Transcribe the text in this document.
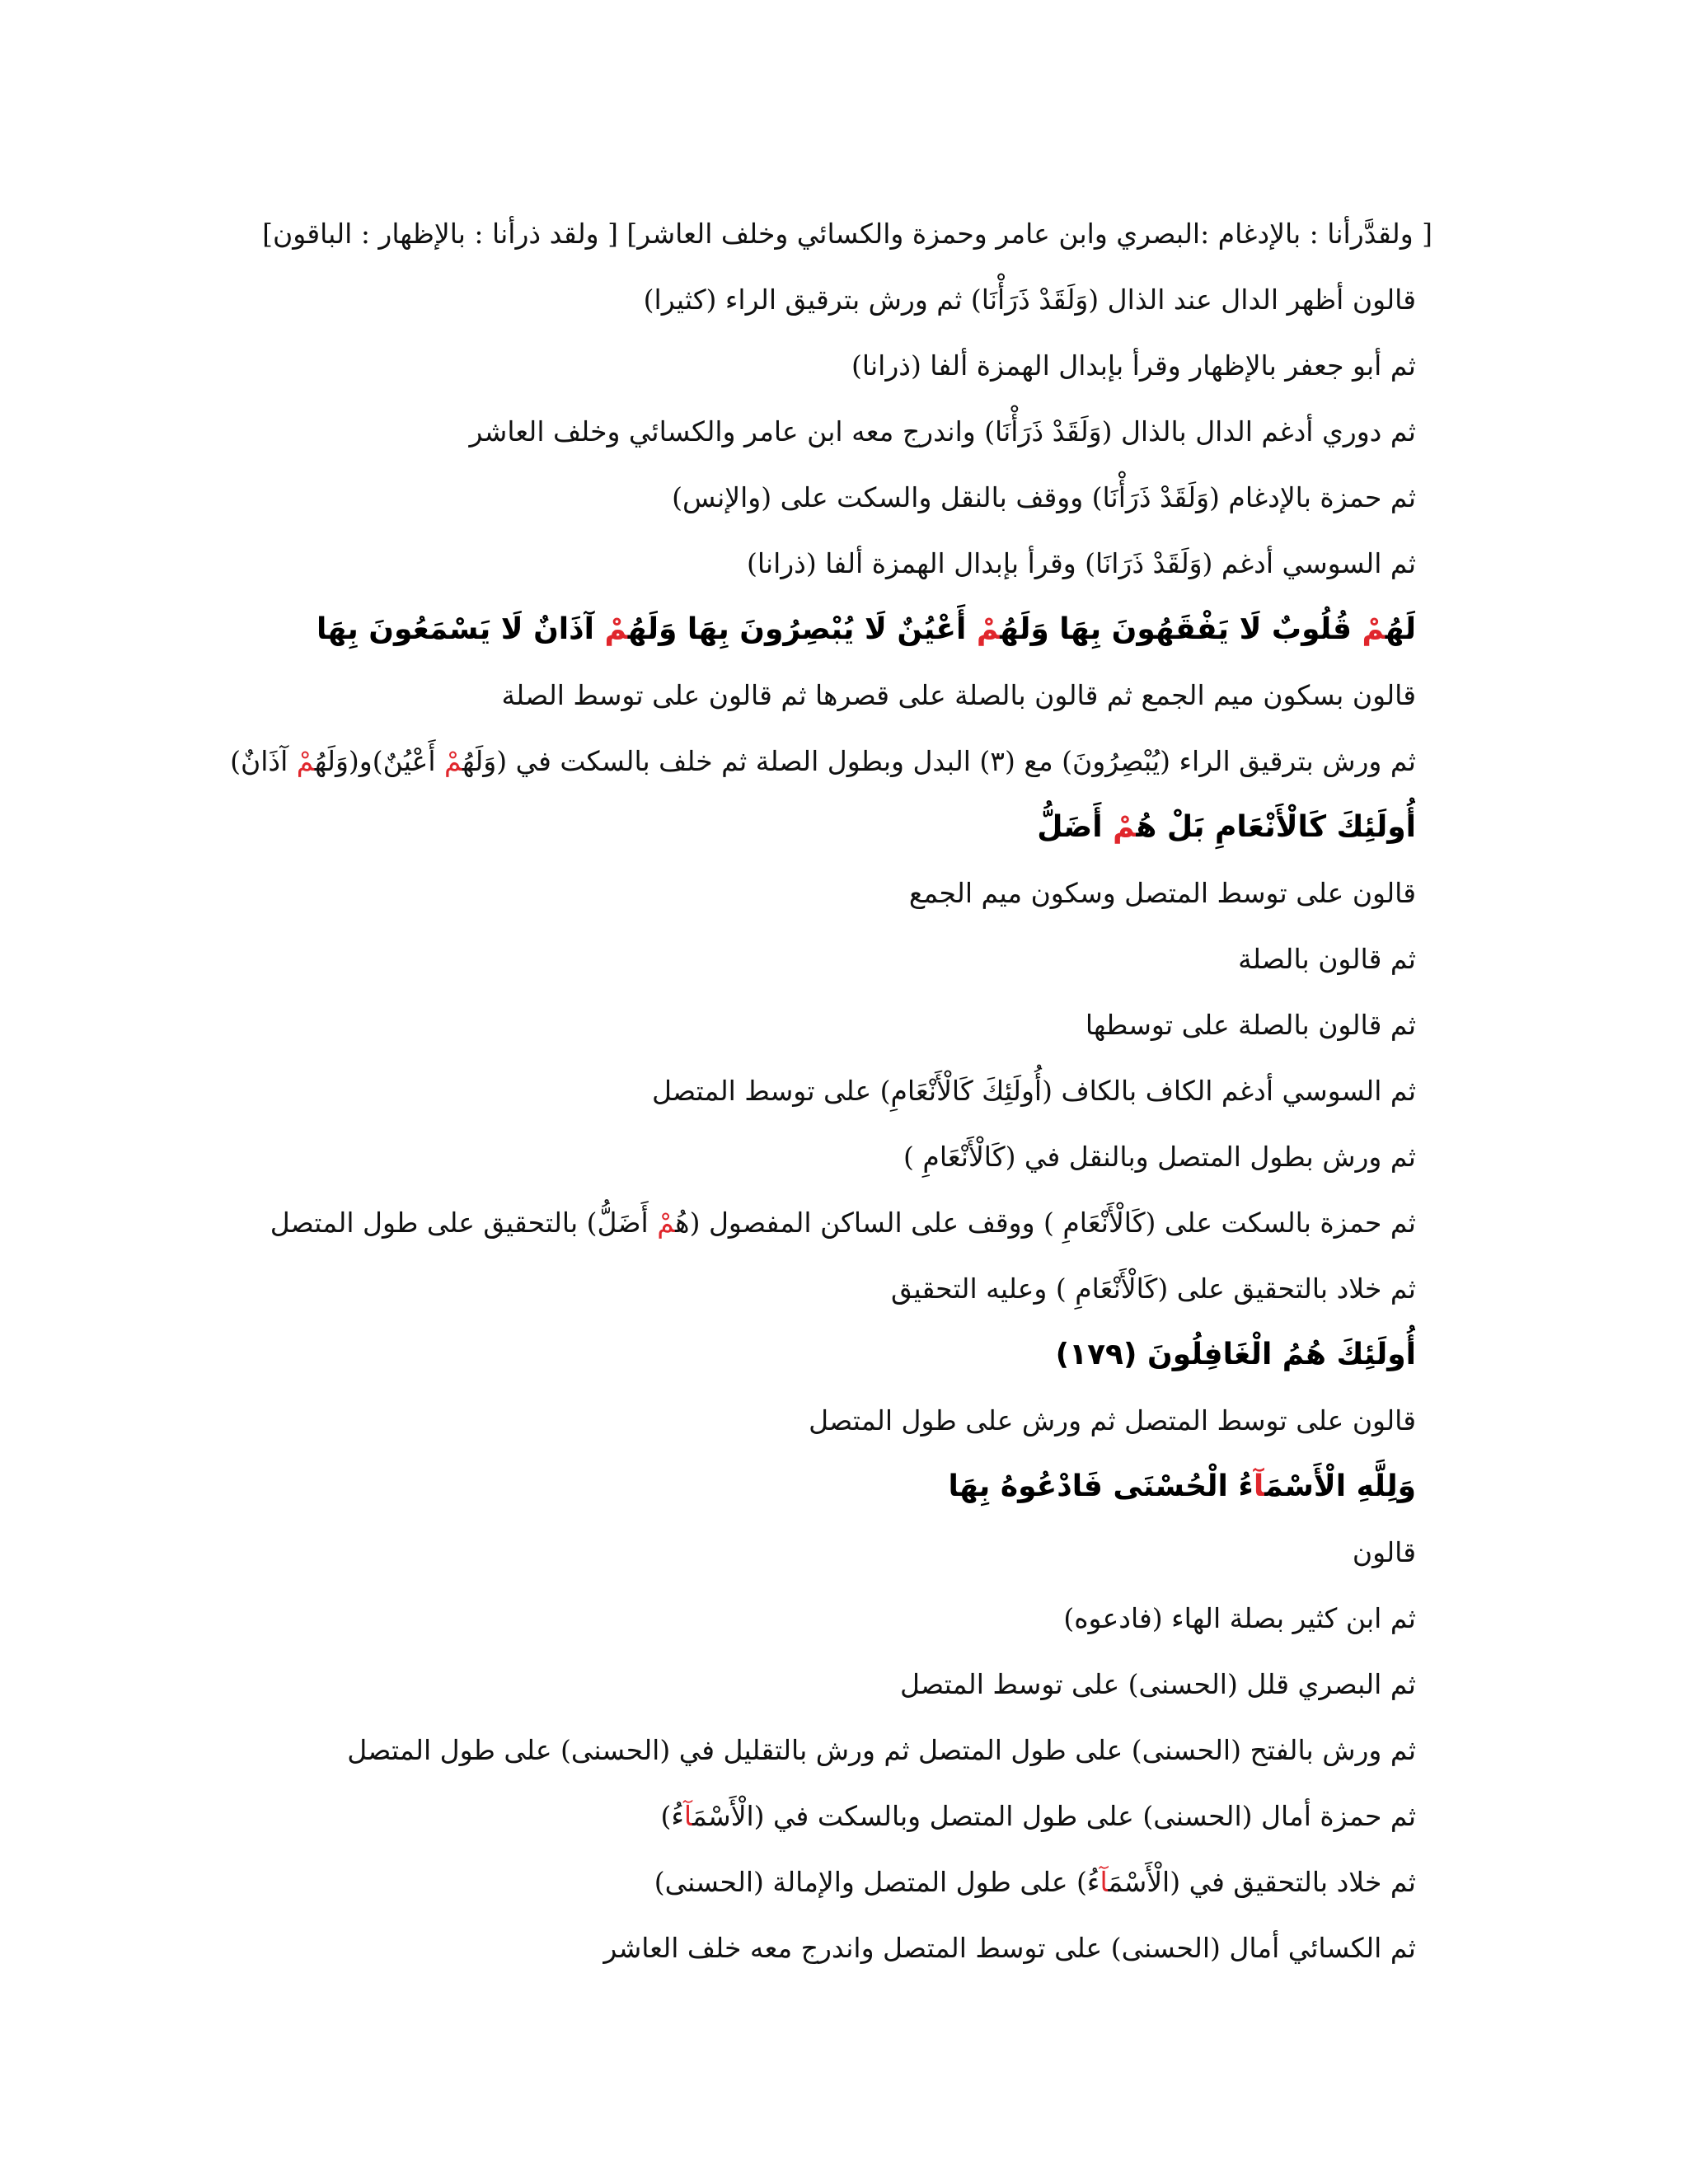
[ ولقدَّرأنا : بالإدغام :البصري وابن عامر وحمزة والكسائي وخلف العاشر] [ ولقد ذرأنا : بالإظهار : الباقون]
قالون أظهر الدال عند الذال (وَلَقَدْ ذَرَأْنَا) ثم ورش بترقيق الراء (كثيرا)
ثم أبو جعفر بالإظهار وقرأ بإبدال الهمزة ألفا (ذرانا)
ثم دوري أدغم الدال بالذال (وَلَقَدْ ذَرَأْنَا) واندرج معه ابن عامر والكسائي وخلف العاشر
ثم حمزة بالإدغام (وَلَقَدْ ذَرَأْنَا) ووقف بالنقل والسكت على (والإنس)
ثم السوسي أدغم (وَلَقَدْ ذَرَانَا) وقرأ بإبدال الهمزة ألفا (ذرانا)
لَهُمْ قُلُوبٌ لَا يَفْقَهُونَ بِهَا وَلَهُمْ أَعْيُنٌ لَا يُبْصِرُونَ بِهَا وَلَهُمْ آذَانٌ لَا يَسْمَعُونَ بِهَا
قالون بسكون ميم الجمع ثم قالون بالصلة على قصرها ثم قالون على توسط الصلة
ثم ورش بترقيق الراء (يُبْصِرُونَ) مع (٣) البدل وبطول الصلة ثم خلف بالسكت في (وَلَهُمْ أَعْيُنٌ)و(وَلَهُمْ آذَانٌ)
أُولَئِكَ كَالْأَنْعَامِ بَلْ هُمْ أَضَلُّ
قالون على توسط المتصل وسكون ميم الجمع
ثم قالون بالصلة
ثم قالون بالصلة على توسطها
ثم السوسي أدغم الكاف بالكاف (أُولَئِكَ كَالْأَنْعَامِ) على توسط المتصل
ثم ورش بطول المتصل وبالنقل في (كَالْأَنْعَامِ )
ثم حمزة بالسكت على (كَالْأَنْعَامِ ) ووقف على الساكن المفصول (هُمْ أَضَلُّ) بالتحقيق على طول المتصل
ثم خلاد بالتحقيق على (كَالْأَنْعَامِ ) وعليه التحقيق
أُولَئِكَ هُمُ الْغَافِلُونَ (١٧٩)
قالون على توسط المتصل ثم ورش على طول المتصل
وَلِلَّهِ الْأَسْمَآءُ الْحُسْنَى فَادْعُوهُ بِهَا
قالون
ثم ابن كثير بصلة الهاء (فادعوه)
ثم البصري قلل (الحسنى) على توسط المتصل
ثم ورش بالفتح (الحسنى) على طول المتصل ثم ورش بالتقليل في (الحسنى) على طول المتصل
ثم حمزة أمال (الحسنى) على طول المتصل وبالسكت في (الْأَسْمَآءُ)
ثم خلاد بالتحقيق في (الْأَسْمَآءُ) على طول المتصل والإمالة (الحسنى)
ثم الكسائي أمال (الحسنى) على توسط المتصل واندرج معه خلف العاشر
